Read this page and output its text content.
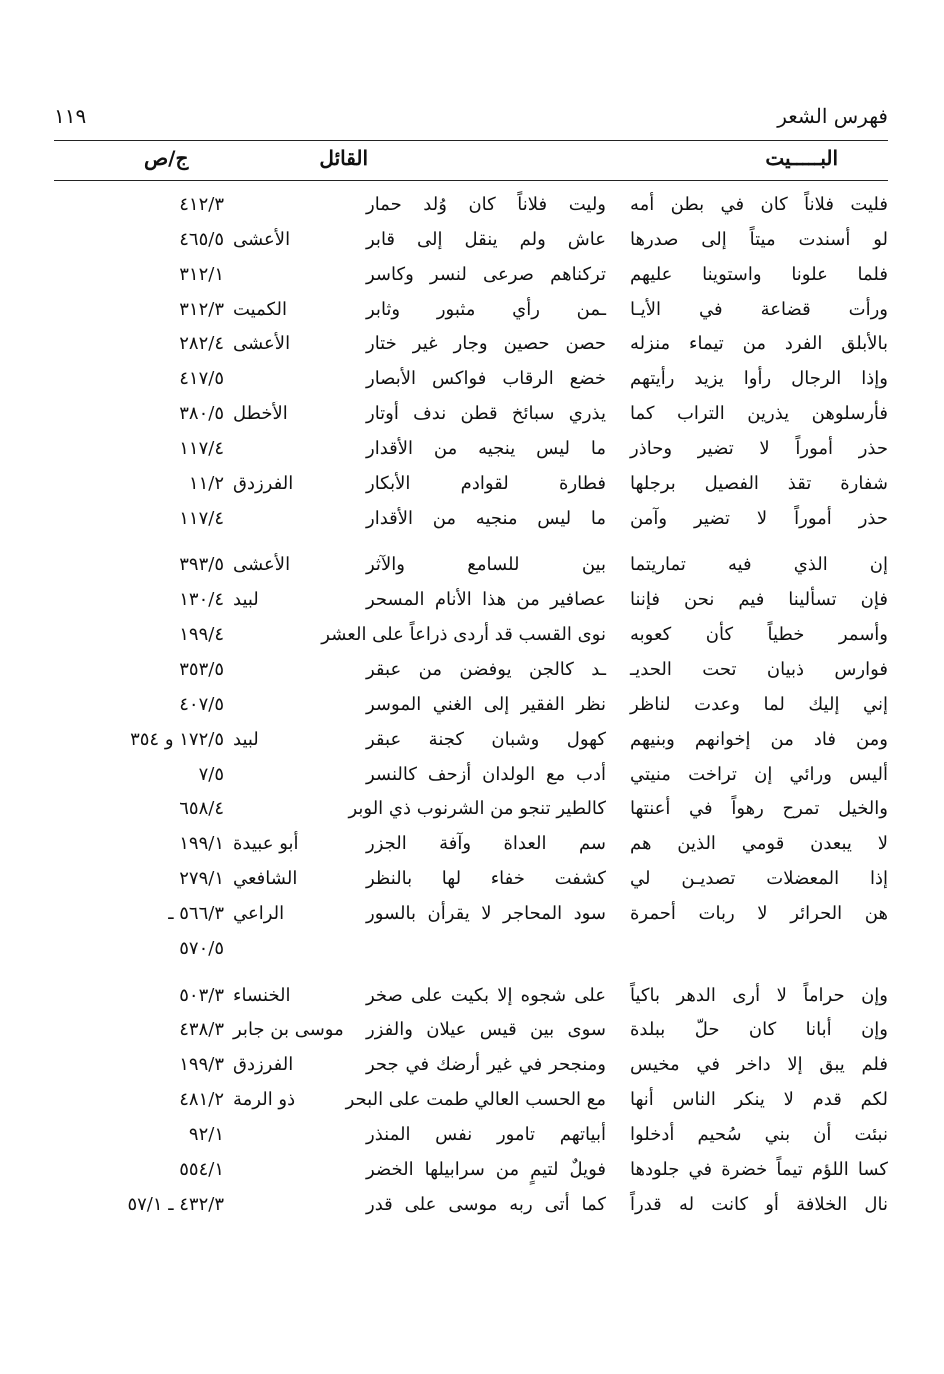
فهرس الشعر
١١٩
البـــــيت
القائل
ج/ص
فليت فلاناً كان في بطن أمه
وليت فلاناً كان وُلد حمار
٤١٢/٣
لو أسندت ميتاً إلى صدرها
عاش ولم ينقل إلى قابر
الأعشى
٤٦٥/٥
فلما علونا واستوينا عليهم
تركناهم صرعى لنسر وكاسر
٣١٢/١
ورأت قضاعة في الأيـا
ـمن رأي مثبور وثابر
الكميت
٣١٢/٣
بالأبلق الفرد من تيماء منزله
حصن حصين وجار غير ختار
الأعشى
٢٨٢/٤
وإذا الرجال رأوا يزيد رأيتهم
خضع الرقاب فواكس الأبصار
٤١٧/٥
فأرسلوهن يذرين التراب كما
يذري سبائخ قطن ندف أوتار
الأخطل
٣٨٠/٥
حذر أموراً لا تضير وحاذر
ما ليس ينجيه من الأقدار
١١٧/٤
شفارة تقذ الفصيل برجلها
فطارة لقوادم الأبكار
الفرزدق
١١/٢
حذر أموراً لا تضير وآمن
ما ليس منجيه من الأقدار
١١٧/٤
إن الذي فيه تماريتما
بين للسامع والآثر
الأعشى
٣٩٣/٥
فإن تسألينا فيم نحن فإننا
عصافير من هذا الأنام المسحر
لبيد
١٣٠/٤
وأسمر خطياً كأن كعوبه
نوى القسب قد أردى ذراعاً على العشر
١٩٩/٤
فوارس ذبيان تحت الحديـ
ـد كالجن يوفضن من عبقر
٣٥٣/٥
إني إليك لما وعدت لناظر
نظر الفقير إلى الغني الموسر
٤٠٧/٥
ومن فاد من إخوانهم وبنيهم
كهول وشبان كجنة عبقر
لبيد
١٧٢/٥ و ٣٥٤
أليس ورائي إن تراخت منيتي
أدب مع الولدان أزحف كالنسر
٧/٥
والخيل تمرح رهواً في أعنتها
كالطير تنجو من الشرنوب ذي الوبر
٦٥٨/٤
لا يبعدن قومي الذين هم
سم العداة وآفة الجزر
أبو عبيدة
١٩٩/١
إذا المعضلات تصديـن لي
كشفت خفاء لها بالنظر
الشافعي
٢٧٩/١
هن الحرائر لا ربات أحمرة
سود المحاجر لا يقرأن بالسور
الراعي
٥٦٦/٣ ـ
٥٧٠/٥
وإن حراماً لا أرى الدهر باكياً
على شجوه إلا بكيت على صخر
الخنساء
٥٠٣/٣
وإن أبانا كان حلّ ببلدة
سوى بين قيس عيلان والفزر
موسى بن جابر
٤٣٨/٣
فلم يبق إلا داخر في مخيس
ومنجحر في غير أرضك في جحر
الفرزدق
١٩٩/٣
لكم قدم لا ينكر الناس أنها
مع الحسب العالي طمت على البحر
ذو الرمة
٤٨١/٢
نبئت أن بني سُحيم أدخلوا
أبياتهم تامور نفس المنذر
٩٢/١
كسا اللؤم تيماً خضرة في جلودها
فويلٌ لتيمٍ من سرابيلها الخضر
٥٥٤/١
نال الخلافة أو كانت له قدراً
كما أتى ربه موسى على قدر
٤٣٢/٣ ـ ٥٧/١
